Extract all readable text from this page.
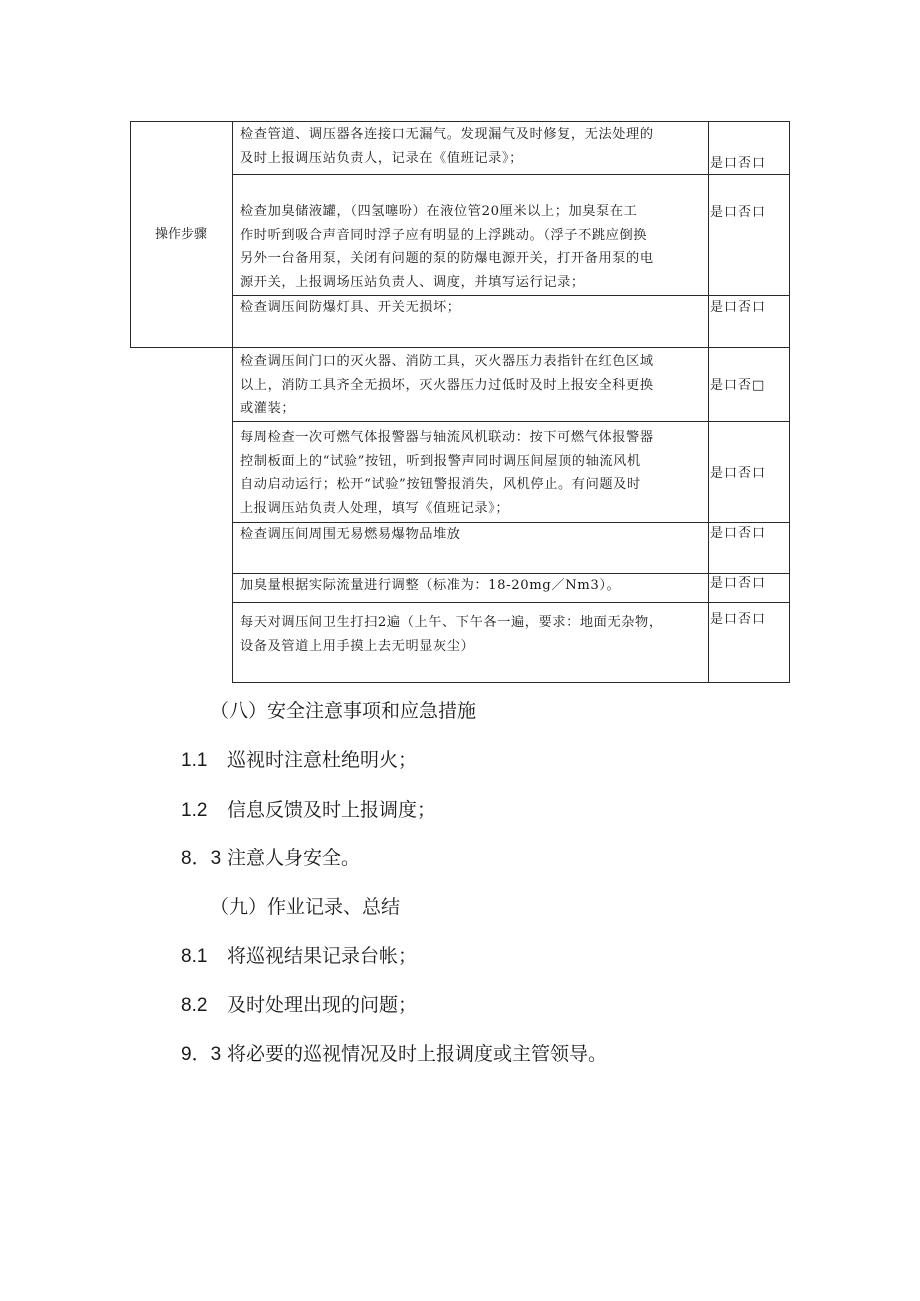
操作步骤
检查管道、调压器各连接口无漏气。发现漏气及时修复，无法处理的
及时上报调压站负责人，记录在《值班记录》；	是口否口
检查加臭储液罐，（四氢噻吩）在液位管20厘米以上；加臭泵在工
作时听到吸合声音同时浮子应有明显的上浮跳动。（浮子不跳应倒换
另外一台备用泵，关闭有问题的泵的防爆电源开关，打开备用泵的电
源开关，上报调场压站负责人、调度，并填写运行记录；
是口否口
检查调压间防爆灯具、开关无损坏；	是口否口
检查调压间门口的灭火器、消防工具，灭火器压力表指针在红色区域
以上，消防工具齐全无损坏，灭火器压力过低时及时上报安全科更换
或灌装；
是口否□
每周检查一次可燃气体报警器与轴流风机联动：按下可燃气体报警器
控制板面上的“试验”按钮，听到报警声同时调压间屋顶的轴流风机
自动启动运行；松开“试验”按钮警报消失，风机停止。有问题及时
上报调压站负责人处理，填写《值班记录》；
是口否口
检查调压间周围无易燃易爆物品堆放	是口否口
加臭量根据实际流量进行调整（标准为：18-20mg／Nm3）。	是口否口
每天对调压间卫生打扫2遍（上午、下午各一遍，要求：地面无杂物，
设备及管道上用手摸上去无明显灰尘）
是口否口
（八）安全注意事项和应急措施
1.1 巡视时注意杜绝明火；
1.2 信息反馈及时上报调度；
8．3 注意人身安全。
（九）作业记录、总结
8.1 将巡视结果记录台帐；
8.2 及时处理出现的问题；
9．3 将必要的巡视情况及时上报调度或主管领导。
